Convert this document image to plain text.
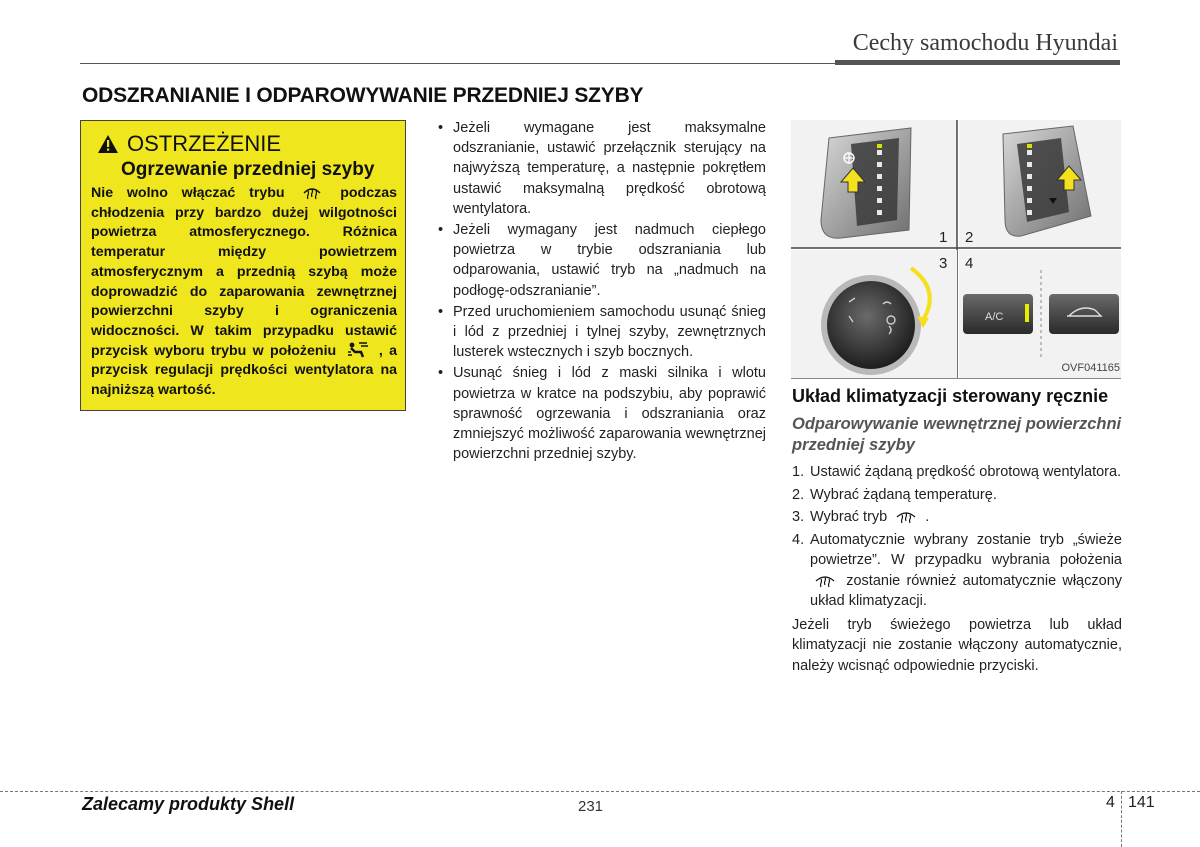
Cechy samochodu Hyundai
ODSZRANIANIE I ODPAROWYWANIE PRZEDNIEJ SZYBY
OSTRZEŻENIE
Ogrzewanie przedniej szyby
Nie wolno włączać trybu	podczas chłodzenia przy bardzo dużej wilgotności powietrza atmosferycznego. Różnica temperatur między powietrzem atmosferycznym a przednią szybą może doprowadzić do zaparowania zewnętrznej powierzchni szyby i ograniczenia widoczności. W takim przypadku ustawić przycisk wyboru trybu w położeniu	, a przycisk regulacji prędkości wentylatora na najniższą wartość.
• Jeżeli wymagane jest maksymalne odszranianie, ustawić przełącznik sterujący na najwyższą temperaturę, a następnie pokrętłem ustawić maksymalną prędkość obrotową wentylatora.
• Jeżeli wymagany jest nadmuch ciepłego powietrza w trybie odszraniania lub odparowania, ustawić tryb na „nadmuch na podłogę-odszranianie”.
• Przed uruchomieniem samochodu usunąć śnieg i lód z przedniej i tylnej szyby, zewnętrznych lusterek wstecznych i szyb bocznych.
• Usunąć śnieg i lód z maski silnika i wlotu powietrza w kratce na podszybiu, aby poprawić sprawność ogrzewania i odszraniania oraz zmniejszyć możliwość zaparowania wewnętrznej powierzchni przedniej szyby.
1 2
3 4
A/C
OVF041165
Układ klimatyzacji sterowany ręcznie
Odparowywanie wewnętrznej powierzchni przedniej szyby
1. Ustawić żądaną prędkość obrotową wentylatora.
2. Wybrać żądaną temperaturę.
3. Wybrać tryb	.
4. Automatycznie wybrany zostanie tryb „świeże powietrze”. W przypadku wybrania położenia  zostanie również automatycznie włączony układ klimatyzacji.

Jeżeli tryb świeżego powietrza lub układ klimatyzacji nie zostanie włączony automatycznie, należy wcisnąć odpowiednie przyciski.

Zalecamy produkty Shell	231	4 141
